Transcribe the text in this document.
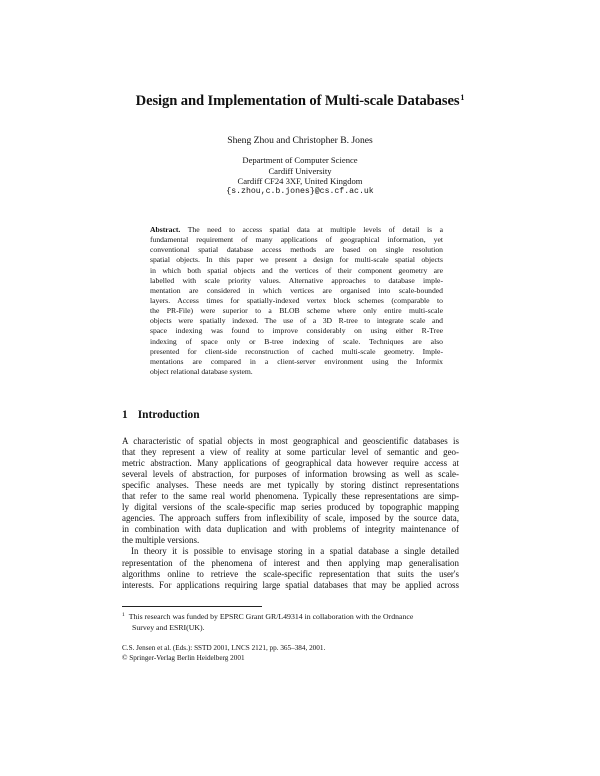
Design and Implementation of Multi-scale Databases$^1$
Sheng Zhou and Christopher B. Jones
Department of Computer Science
Cardiff University
Cardiff CF24 3XF, United Kingdom
{s.zhou,c.b.jones}@cs.cf.ac.uk
Abstract. The need to access spatial data at multiple levels of detail is a
fundamental requirement of many applications of geographical information, yet
conventional spatial database access methods are based on single resolution
spatial objects. In this paper we present a design for multi-scale spatial objects
in which both spatial objects and the vertices of their component geometry are
labelled with scale priority values. Alternative approaches to database imple-
mentation are considered in which vertices are organised into scale-bounded
layers. Access times for spatially-indexed vertex block schemes (comparable to
the PR-File) were superior to a BLOB scheme where only entire multi-scale
objects were spatially indexed. The use of a 3D R-tree to integrate scale and
space indexing was found to improve considerably on using either R-Tree
indexing of space only or B-tree indexing of scale. Techniques are also
presented for client-side reconstruction of cached multi-scale geometry. Imple-
mentations are compared in a client-server environment using the Informix
object relational database system.
1 Introduction
A characteristic of spatial objects in most geographical and geoscientific databases is
that they represent a view of reality at some particular level of semantic and geo-
metric abstraction. Many applications of geographical data however require access at
several levels of abstraction, for purposes of information browsing as well as scale-
specific analyses. These needs are met typically by storing distinct representations
that refer to the same real world phenomena. Typically these representations are simp-
ly digital versions of the scale-specific map series produced by topographic mapping
agencies. The approach suffers from inflexibility of scale, imposed by the source data,
in combination with data duplication and with problems of integrity maintenance of
the multiple versions.
In theory it is possible to envisage storing in a spatial database a single detailed
representation of the phenomena of interest and then applying map generalisation
algorithms online to retrieve the scale-specific representation that suits the user's
interests. For applications requiring large spatial databases that may be applied across
$^1$ This research was funded by EPSRC Grant GR/L49314 in collaboration with the Ordnance
Survey and ESRI(UK).
C.S. Jensen et al. (Eds.): SSTD 2001, LNCS 2121, pp. 365–384, 2001.
© Springer-Verlag Berlin Heidelberg 2001
